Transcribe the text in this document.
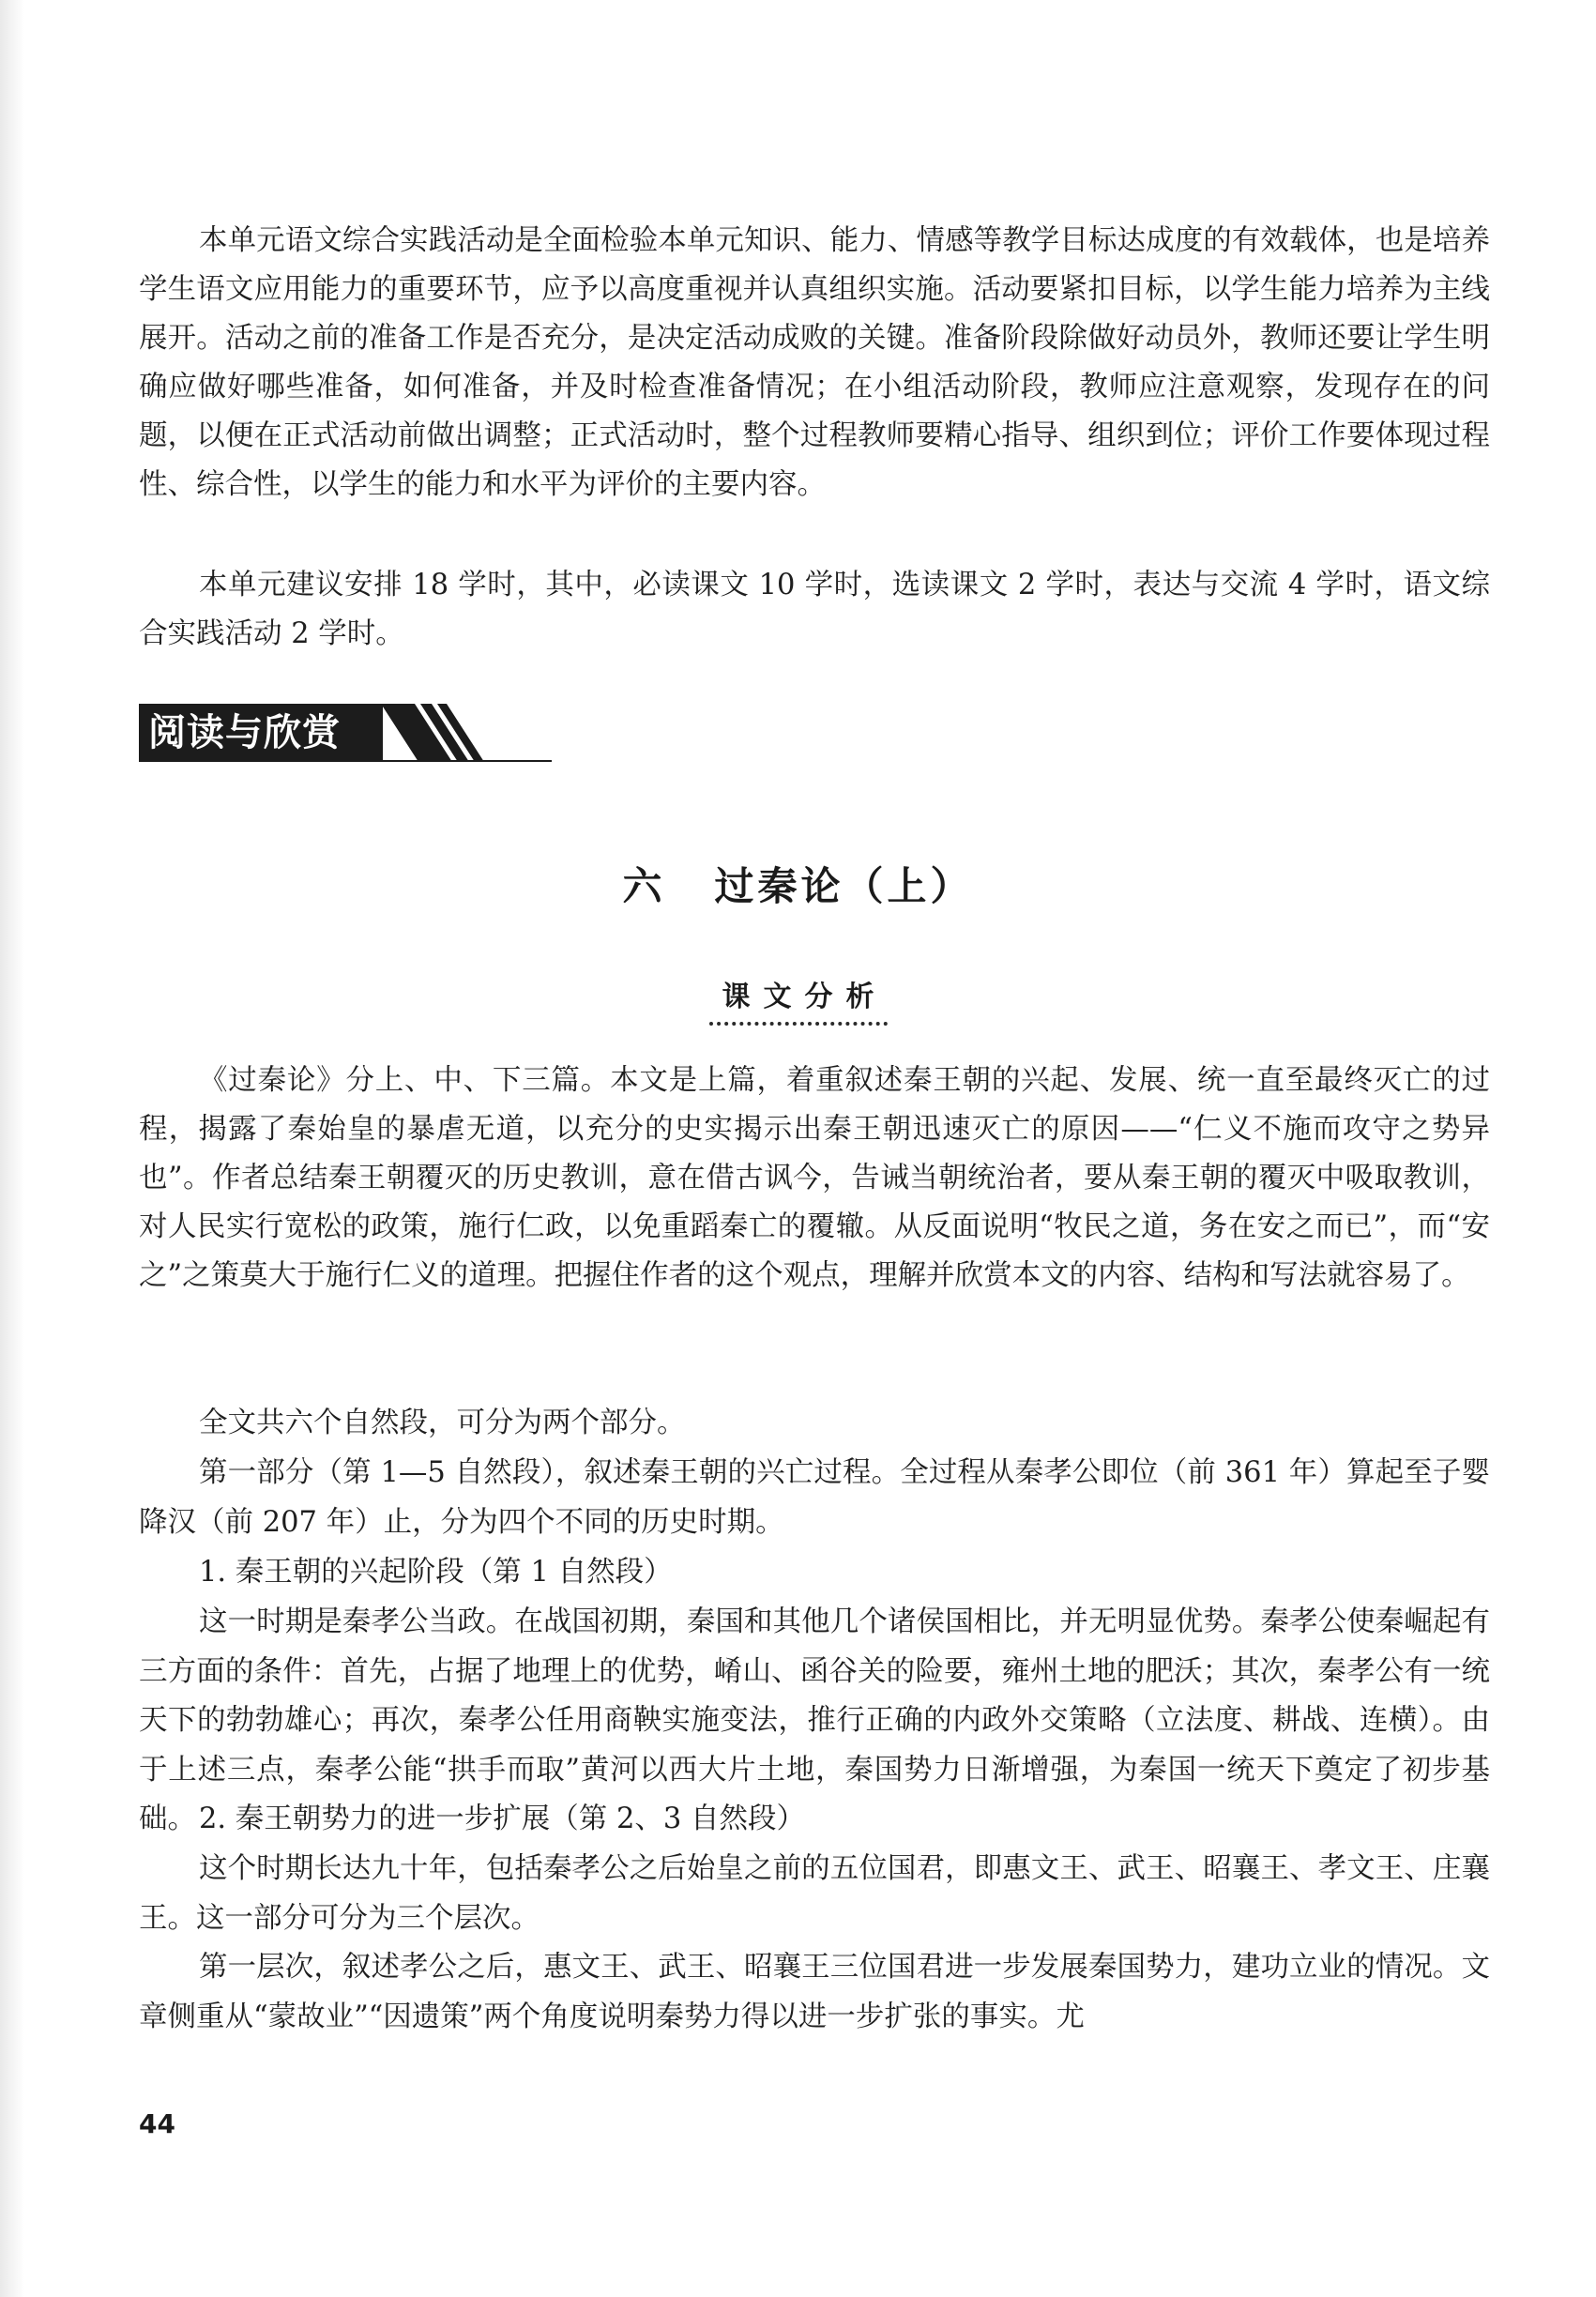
本单元语文综合实践活动是全面检验本单元知识、能力、情感等教学目标达成度的有效载体，也是培养学生语文应用能力的重要环节，应予以高度重视并认真组织实施。活动要紧扣目标，以学生能力培养为主线展开。活动之前的准备工作是否充分，是决定活动成败的关键。准备阶段除做好动员外，教师还要让学生明确应做好哪些准备，如何准备，并及时检查准备情况；在小组活动阶段，教师应注意观察，发现存在的问题，以便在正式活动前做出调整；正式活动时，整个过程教师要精心指导、组织到位；评价工作要体现过程性、综合性，以学生的能力和水平为评价的主要内容。

本单元建议安排 18 学时，其中，必读课文 10 学时，选读课文 2 学时，表达与交流 4 学时，语文综合实践活动 2 学时。

阅读与欣赏
六 过秦论（上）
课文分析

《过秦论》分上、中、下三篇。本文是上篇，着重叙述秦王朝的兴起、发展、统一直至最终灭亡的过程，揭露了秦始皇的暴虐无道，以充分的史实揭示出秦王朝迅速灭亡的原因——“仁义不施而攻守之势异也”。作者总结秦王朝覆灭的历史教训，意在借古讽今，告诫当朝统治者，要从秦王朝的覆灭中吸取教训，对人民实行宽松的政策，施行仁政，以免重蹈秦亡的覆辙。从反面说明“牧民之道，务在安之而已”，而“安之”之策莫大于施行仁义的道理。把握住作者的这个观点，理解并欣赏本文的内容、结构和写法就容易了。

全文共六个自然段，可分为两个部分。

第一部分（第 1—5 自然段），叙述秦王朝的兴亡过程。全过程从秦孝公即位（前 361 年）算起至子婴降汉（前 207 年）止，分为四个不同的历史时期。

1. 秦王朝的兴起阶段（第 1 自然段）

这一时期是秦孝公当政。在战国初期，秦国和其他几个诸侯国相比，并无明显优势。秦孝公使秦崛起有三方面的条件：首先，占据了地理上的优势，崤山、函谷关的险要，雍州土地的肥沃；其次，秦孝公有一统天下的勃勃雄心；再次，秦孝公任用商鞅实施变法，推行正确的内政外交策略（立法度、耕战、连横）。由于上述三点，秦孝公能“拱手而取”黄河以西大片土地，秦国势力日渐增强，为秦国一统天下奠定了初步基础。 2. 秦王朝势力的进一步扩展（第 2、3 自然段）

这个时期长达九十年，包括秦孝公之后始皇之前的五位国君，即惠文王、武王、昭襄王、孝文王、庄襄王。这一部分可分为三个层次。

第一层次，叙述孝公之后，惠文王、武王、昭襄王三位国君进一步发展秦国势力，建功立业的情况。文章侧重从“蒙故业”“因遗策”两个角度说明秦势力得以进一步扩张的事实。尤

44
